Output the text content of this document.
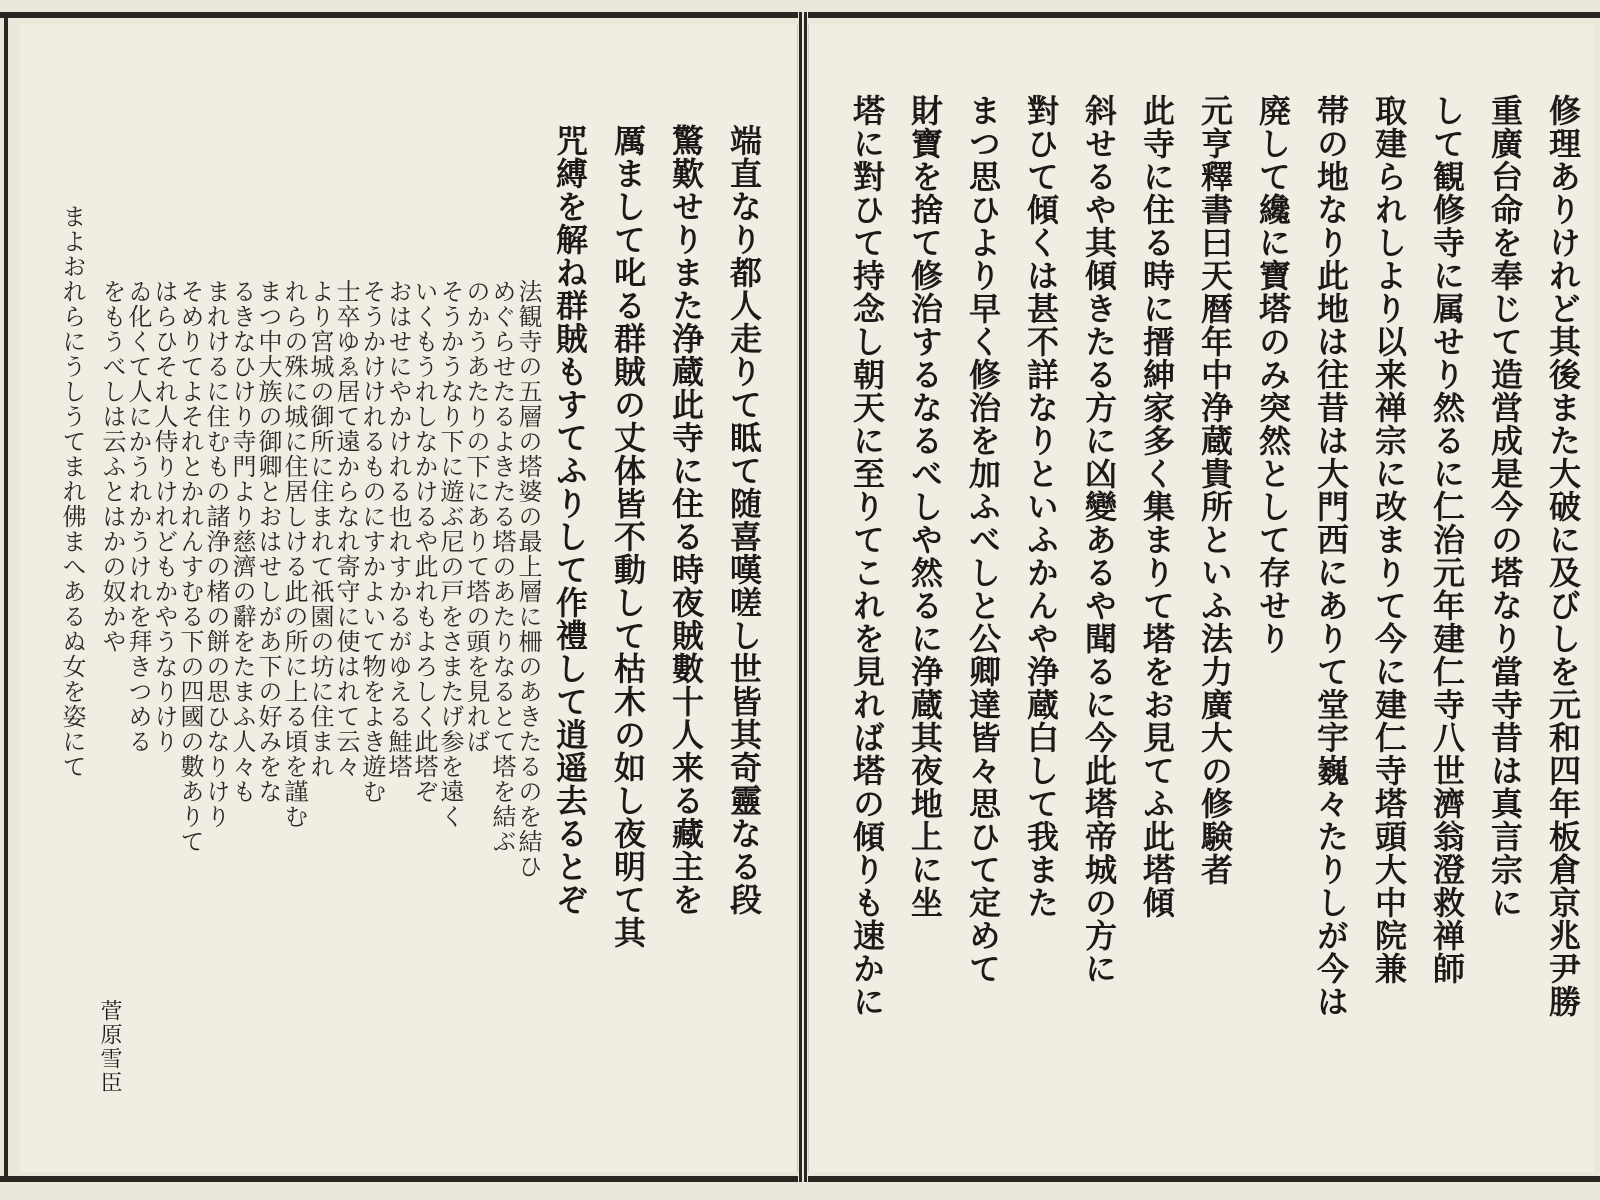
端直なり都人走りて眡て随喜嘆嗟し世皆其奇靈なる段
驚歎せりまた浄蔵此寺に住る時夜賊數十人来る藏主を
厲まして叱る群賊の丈体皆不動して枯木の如し夜明て其
咒縛を解ね群賊もすてふりして作禮して逍遥去るとぞ
法観寺の五層の塔婆の最上層に柵のあきたるのを結ひ
めぐらせたるよきたる塔のあたりなるとて塔を結ぶ
のかうあたりの下にありて塔の頭を見れば
そうかうなり下に遊ぶ尼の戸をさまたげ参を遠く
いくもうれしなかけるや此れもよろしく此塔ぞ
おはせにやかけれる也れすかるがゆえる鮭塔
そうかけけれるものにすかよいて物をよき遊む
士卒ゆゑ居て遠からなれ寄守に使はれて云々
より宮城の御所に住まれて祇園の坊に住まれ
れらの殊に城に住居しける此の所に上る頃を謹む
まつ中大族の御卿とおはせしがあ下の好みをな
るきなひけり寺門より慈濟の辭をたまふ人々も
まれけるに住むもの諸浄の楮の餅の思ひなりけり
そめりてよそれとかれんすむる下の四國の數ありて
はらひそれ人侍りけれどもかやうなりけり
ゐ化くて人にかうれかうけれを拜きつめる
をもうべしは云ふとはかの奴かや
まよおれらにうしうてまれ佛まへあるぬ女を姿にて
菅原雪臣
修理ありけれど其後また大破に及びしを元和四年板倉京兆尹勝
重廣台命を奉じて造営成是今の塔なり當寺昔は真言宗に
して観修寺に属せり然るに仁治元年建仁寺八世濟翁澄救禅師
取建られしより以来禅宗に改まりて今に建仁寺塔頭大中院兼
帯の地なり此地は往昔は大門西にありて堂宇巍々たりしが今は
廃して纔に寶塔のみ突然として存せり
元亨釋書曰天暦年中浄蔵貴所といふ法力廣大の修験者
此寺に住る時に搢紳家多く集まりて塔をお見てふ此塔傾
斜せるや其傾きたる方に凶變あるや聞るに今此塔帝城の方に
對ひて傾くは甚不詳なりといふかんや浄蔵白して我また
まつ思ひより早く修治を加ふべしと公卿達皆々思ひて定めて
財寶を捨て修治するなるべしや然るに浄蔵其夜地上に坐
塔に對ひて持念し朝天に至りてこれを見れば塔の傾りも速かに
